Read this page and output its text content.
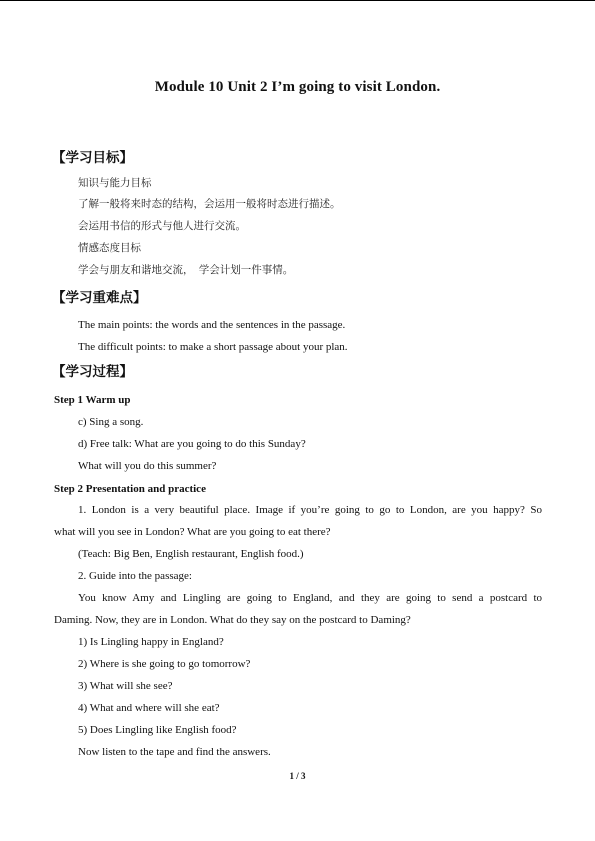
Module 10 Unit 2 I’m going to visit London.
【学习目标】
知识与能力目标
了解一般将来时态的结构，会运用一般将时态进行描述。
会运用书信的形式与他人进行交流。
情感态度目标
学会与朋友和谐地交流，　学会计划一件事情。
【学习重难点】
The main points: the words and the sentences in the passage.
The difficult points: to make a short passage about your plan.
【学习过程】
Step 1 Warm up
c) Sing a song.
d) Free talk: What are you going to do this Sunday?
What will you do this summer?
Step 2 Presentation and practice
1. London is a very beautiful place. Image if you’re going to go to London, are you happy? So
what will you see in London? What are you going to eat there?
(Teach: Big Ben, English restaurant, English food.)
2. Guide into the passage:
You know Amy and Lingling are going to England, and they are going to send a postcard to
Daming. Now, they are in London. What do they say on the postcard to Daming?
1) Is Lingling happy in England?
2) Where is she going to go tomorrow?
3) What will she see?
4) What and where will she eat?
5) Does Lingling like English food?
Now listen to the tape and find the answers.
1 / 3
